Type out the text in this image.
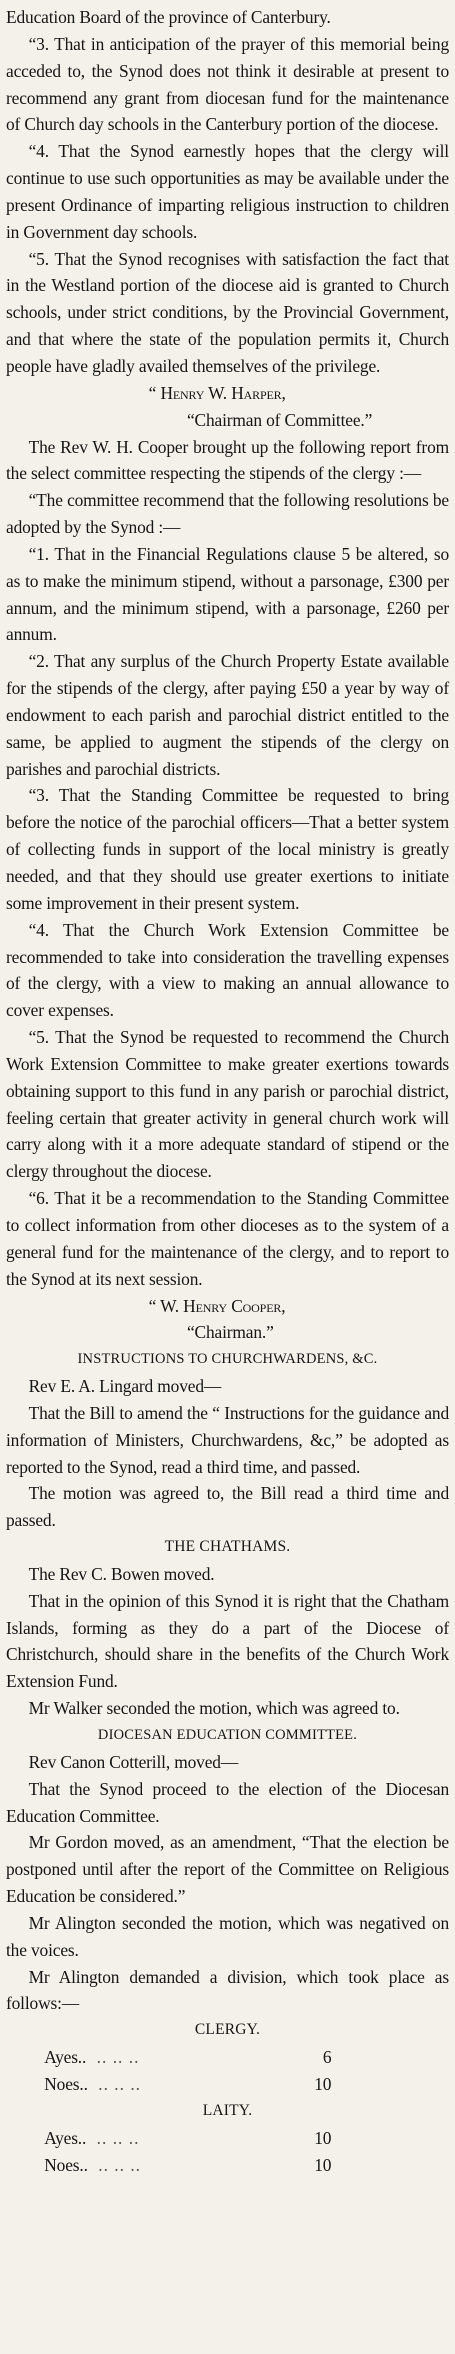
Education Board of the province of Canterbury.

“3. That in anticipation of the prayer of this memorial being acceded to, the Synod does not think it desirable at present to recommend any grant from diocesan fund for the maintenance of Church day schools in the Canterbury portion of the diocese.

“4. That the Synod earnestly hopes that the clergy will continue to use such opportunities as may be available under the present Ordinance of imparting religious instruction to children in Government day schools.

“5. That the Synod recognises with satisfaction the fact that in the Westland portion of the diocese aid is granted to Church schools, under strict conditions, by the Provincial Government, and that where the state of the population permits it, Church people have gladly availed themselves of the privilege.

“ Henry W. Harper,

“Chairman of Committee.”

The Rev W. H. Cooper brought up the following report from the select committee respecting the stipends of the clergy :—

“The committee recommend that the following resolutions be adopted by the Synod :—

“1. That in the Financial Regulations clause 5 be altered, so as to make the minimum stipend, without a parsonage, £300 per annum, and the minimum stipend, with a parsonage, £260 per annum.

“2. That any surplus of the Church Property Estate available for the stipends of the clergy, after paying £50 a year by way of endowment to each parish and parochial district entitled to the same, be applied to augment the stipends of the clergy on parishes and parochial districts.

“3. That the Standing Committee be requested to bring before the notice of the parochial officers—That a better system of collecting funds in support of the local ministry is greatly needed, and that they should use greater exertions to initiate some improvement in their present system.

“4. That the Church Work Extension Committee be recommended to take into consideration the travelling expenses of the clergy, with a view to making an annual allowance to cover expenses.

“5. That the Synod be requested to recommend the Church Work Extension Committee to make greater exertions towards obtaining support to this fund in any parish or parochial district, feeling certain that greater activity in general church work will carry along with it a more adequate standard of stipend or the clergy throughout the diocese.

“6. That it be a recommendation to the Standing Committee to collect information from other dioceses as to the system of a general fund for the maintenance of the clergy, and to report to the Synod at its next session.

“ W. Henry Cooper,

“Chairman.”

INSTRUCTIONS TO CHURCHWARDENS, &C.

Rev E. A. Lingard moved—

That the Bill to amend the “ Instructions for the guidance and information of Ministers, Churchwardens, &c,” be adopted as reported to the Synod, read a third time, and passed.

The motion was agreed to, the Bill read a third time and passed.

THE CHATHAMS.

The Rev C. Bowen moved.

That in the opinion of this Synod it is right that the Chatham Islands, forming as they do a part of the Diocese of Christchurch, should share in the benefits of the Church Work Extension Fund.

Mr Walker seconded the motion, which was agreed to.

DIOCESAN EDUCATION COMMITTEE.

Rev Canon Cotterill, moved—

That the Synod proceed to the election of the Diocesan Education Committee.

Mr Gordon moved, as an amendment, “That the election be postponed until after the report of the Committee on Religious Education be considered.”

Mr Alington seconded the motion, which was negatived on the voices.

Mr Alington demanded a division, which took place as follows:—

CLERGY.

Ayes.. .. .. ..	6

Noes.. .. .. ..	10

LAITY.

Ayes.. .. .. ..	10

Noes.. .. .. ..	10
